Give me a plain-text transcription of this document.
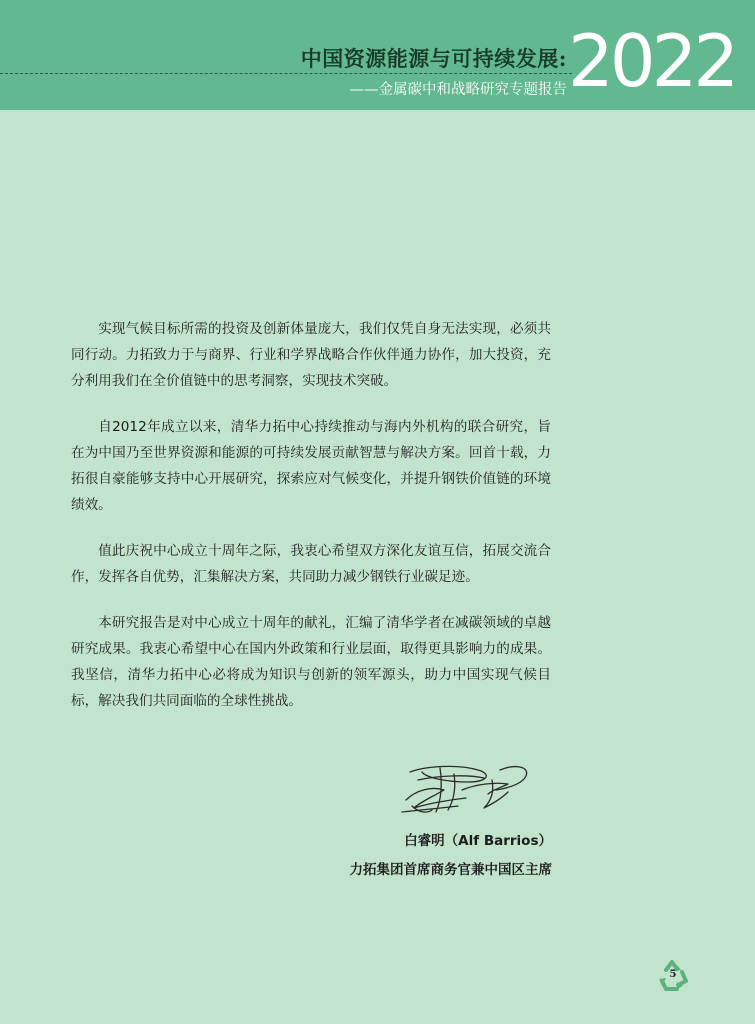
中国资源能源与可持续发展:
——金属碳中和战略研究专题报告 2022

实现气候目标所需的投资及创新体量庞大，我们仅凭自身无法实现，必须共同行动。力拓致力于与商界、行业和学界战略合作伙伴通力协作，加大投资，充分利用我们在全价值链中的思考洞察，实现技术突破。

自2012年成立以来，清华力拓中心持续推动与海内外机构的联合研究，旨在为中国乃至世界资源和能源的可持续发展贡献智慧与解决方案。回首十载，力拓很自豪能够支持中心开展研究，探索应对气候变化，并提升钢铁价值链的环境绩效。

值此庆祝中心成立十周年之际，我衷心希望双方深化友谊互信，拓展交流合作，发挥各自优势，汇集解决方案，共同助力减少钢铁行业碳足迹。

本研究报告是对中心成立十周年的献礼，汇编了清华学者在减碳领域的卓越研究成果。我衷心希望中心在国内外政策和行业层面，取得更具影响力的成果。我坚信，清华力拓中心必将成为知识与创新的领军源头，助力中国实现气候目标，解决我们共同面临的全球性挑战。

白睿明（Alf Barrios）
力拓集团首席商务官兼中国区主席
5
